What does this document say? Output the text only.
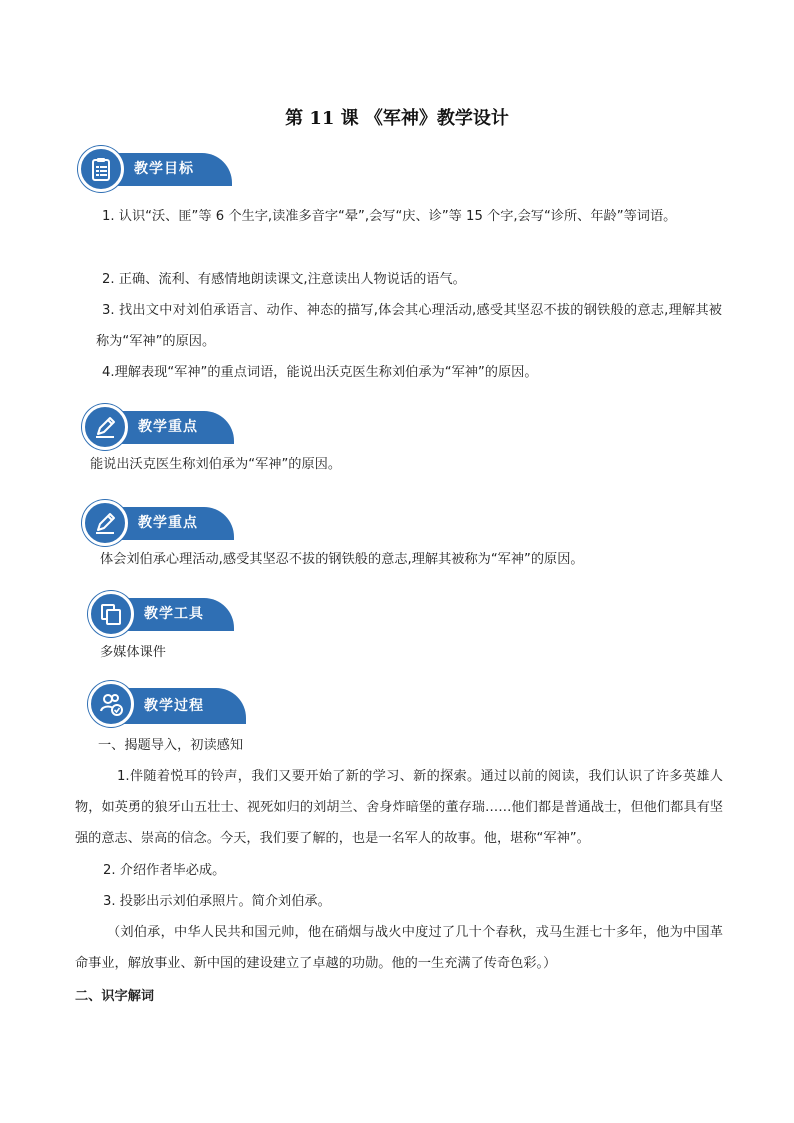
第 11 课 《军神》教学设计
教学目标
1. 认识“沃、匪”等 6 个生字,读准多音字“晕”,会写“庆、诊”等 15 个字,会写“诊所、年龄”等词语。
2. 正确、流利、有感情地朗读课文,注意读出人物说话的语气。
3. 找出文中对刘伯承语言、动作、神态的描写,体会其心理活动,感受其坚忍不拔的钢铁般的意志,理解其被称为“军神”的原因。
4.理解表现“军神”的重点词语，能说出沃克医生称刘伯承为“军神”的原因。
教学重点
能说出沃克医生称刘伯承为“军神”的原因。
教学重点
体会刘伯承心理活动,感受其坚忍不拔的钢铁般的意志,理解其被称为“军神”的原因。
教学工具
多媒体课件
教学过程
一、揭题导入，初读感知
1.伴随着悦耳的铃声，我们又要开始了新的学习、新的探索。通过以前的阅读，我们认识了许多英雄人物，如英勇的狼牙山五壮士、视死如归的刘胡兰、舍身炸暗堡的董存瑞……他们都是普通战士，但他们都具有坚强的意志、崇高的信念。今天，我们要了解的，也是一名军人的故事。他，堪称“军神”。
2. 介绍作者毕必成。
3. 投影出示刘伯承照片。简介刘伯承。
（刘伯承，中华人民共和国元帅，他在硝烟与战火中度过了几十个春秋，戎马生涯七十多年，他为中国革命事业，解放事业、新中国的建设建立了卓越的功勋。他的一生充满了传奇色彩。）
二、识字解词
